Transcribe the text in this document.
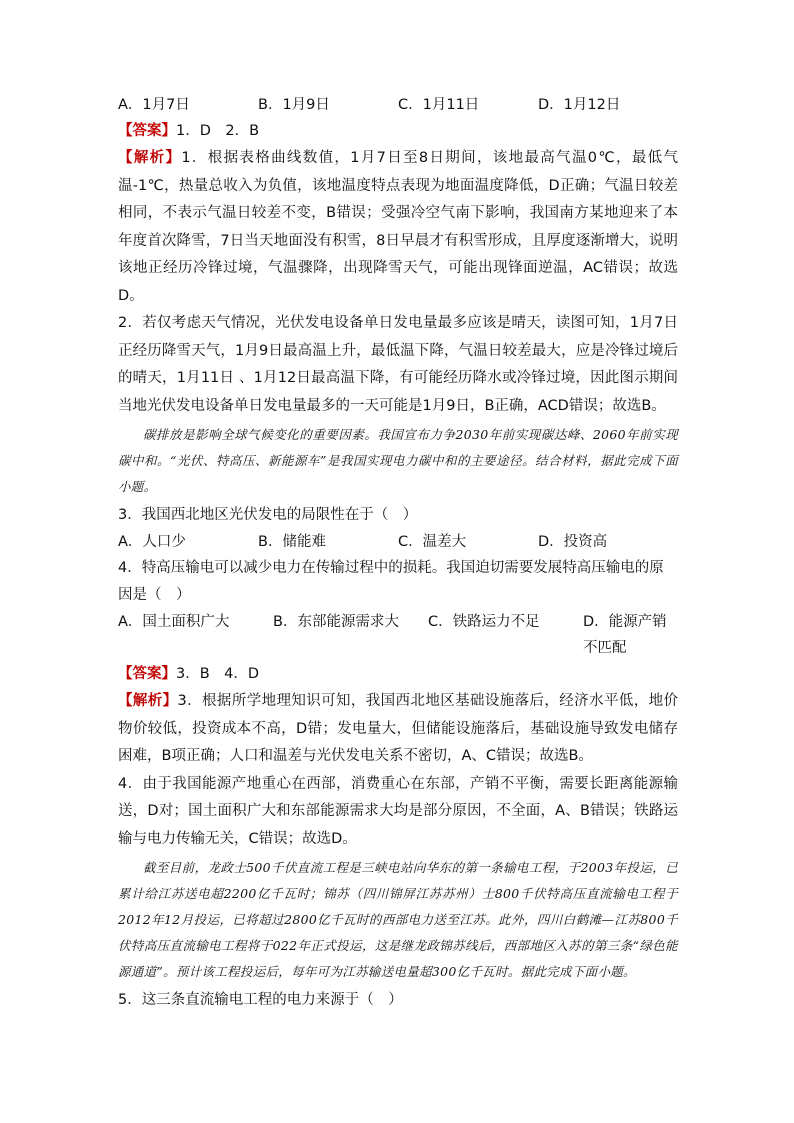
A．1月7日	B．1月9日	C．1月11日	D．1月12日
【答案】1．D　2．B

【解析】1．根据表格曲线数值，1月7日至8日期间，该地最高气温0℃，最低气温-1℃，热量总收入为负值，该地温度特点表现为地面温度降低，D正确；气温日较差相同，不表示气温日较差不变，B错误；受强冷空气南下影响，我国南方某地迎来了本年度首次降雪，7日当天地面没有积雪，8日早晨才有积雪形成，且厚度逐渐增大，说明该地正经历冷锋过境，气温骤降，出现降雪天气，可能出现锋面逆温，AC错误；故选D。

2．若仅考虑天气情况，光伏发电设备单日发电量最多应该是晴天，读图可知，1月7日正经历降雪天气，1月9日最高温上升，最低温下降，气温日较差最大，应是冷锋过境后的晴天，1月11日 、1月12日最高温下降，有可能经历降水或冷锋过境，因此图示期间当地光伏发电设备单日发电量最多的一天可能是1月9日，B正确，ACD错误；故选B。

碳排放是影响全球气候变化的重要因素。我国宣布力争2030年前实现碳达峰、2060年前实现碳中和。“光伏、特高压、新能源车”是我国实现电力碳中和的主要途径。结合材料，据此完成下面小题。

3．我国西北地区光伏发电的局限性在于（　）

A．人口少	B．储能难	C．温差大	D．投资高

4．特高压输电可以减少电力在传输过程中的损耗。我国迫切需要发展特高压输电的原因是（　）

A．国土面积广大	B．东部能源需求大	C．铁路运力不足	D．能源产销不匹配
【答案】3．B　4．D

【解析】3．根据所学地理知识可知，我国西北地区基础设施落后，经济水平低，地价物价较低，投资成本不高，D错；发电量大，但储能设施落后，基础设施导致发电储存困难，B项正确；人口和温差与光伏发电关系不密切，A、C错误；故选B。

4．由于我国能源产地重心在西部，消费重心在东部，产销不平衡，需要长距离能源输送，D对；国土面积广大和东部能源需求大均是部分原因，不全面，A、B错误；铁路运输与电力传输无关，C错误；故选D。

截至目前，龙政士500千伏直流工程是三峡电站向华东的第一条输电工程，于2003年投运，已累计给江苏送电超2200亿千瓦时；锦苏（四川锦屏江苏苏州）士800千伏特高压直流输电工程于2012年12月投运，已将超过2800亿千瓦时的西部电力送至江苏。此外，四川白鹤滩—江苏800千伏特高压直流输电工程将于022年正式投运，这是继龙政锦苏线后，西部地区入苏的第三条“绿色能源通道”。预计该工程投运后，每年可为江苏输送电量超300亿千瓦时。据此完成下面小题。

5．这三条直流输电工程的电力来源于（　）
